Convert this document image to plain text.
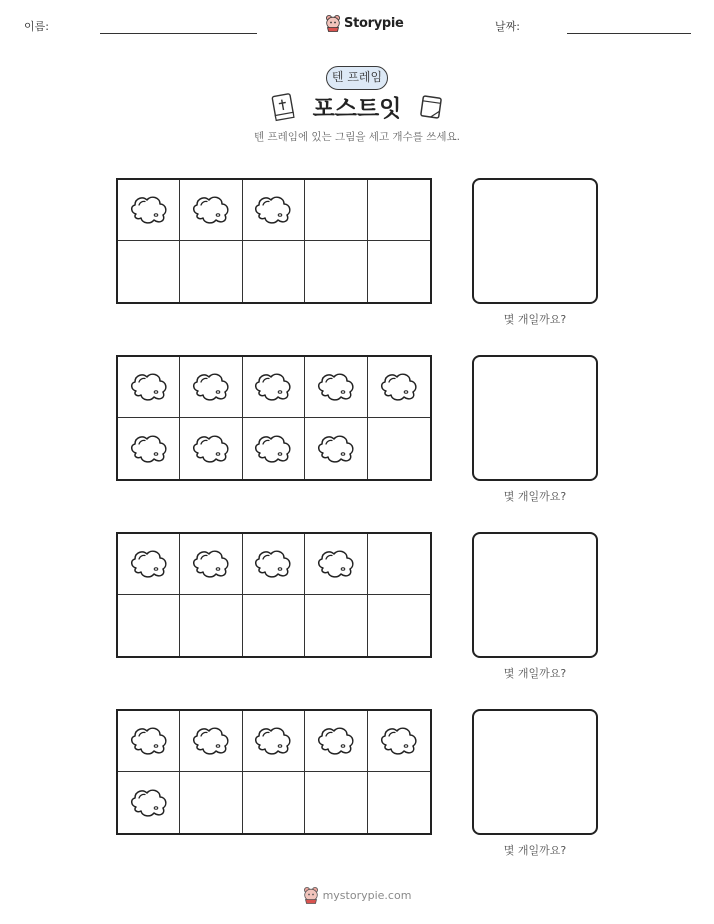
이름:	Storypie	날짜:
텐 프레임
포스트잇
텐 프레임에 있는 그림을 세고 개수를 쓰세요.
몇 개일까요?
몇 개일까요?
몇 개일까요?
몇 개일까요?
mystorypie.com
